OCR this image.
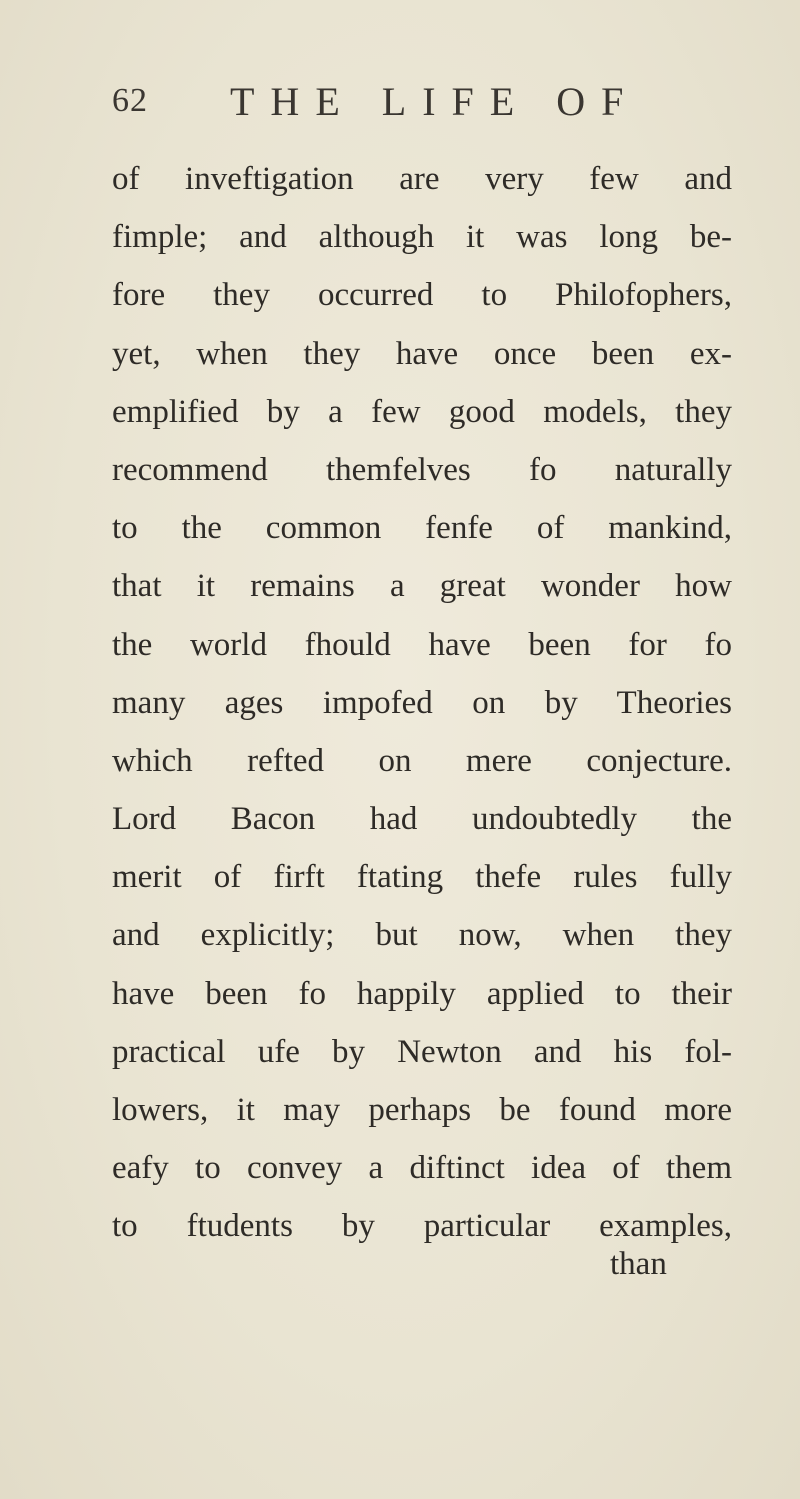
62 THE LIFE OF
of inveftigation are very few and
fimple; and although it was long be-
fore they occurred to Philofophers,
yet, when they have once been ex-
emplified by a few good models, they
recommend themfelves fo naturally
to the common fenfe of mankind,
that it remains a great wonder how
the world fhould have been for fo
many ages impofed on by Theories
which refted on mere conjecture.
Lord Bacon had undoubtedly the
merit of firft ftating thefe rules fully
and explicitly; but now, when they
have been fo happily applied to their
practical ufe by Newton and his fol-
lowers, it may perhaps be found more
eafy to convey a diftinct idea of them
to ftudents by particular examples,
than
